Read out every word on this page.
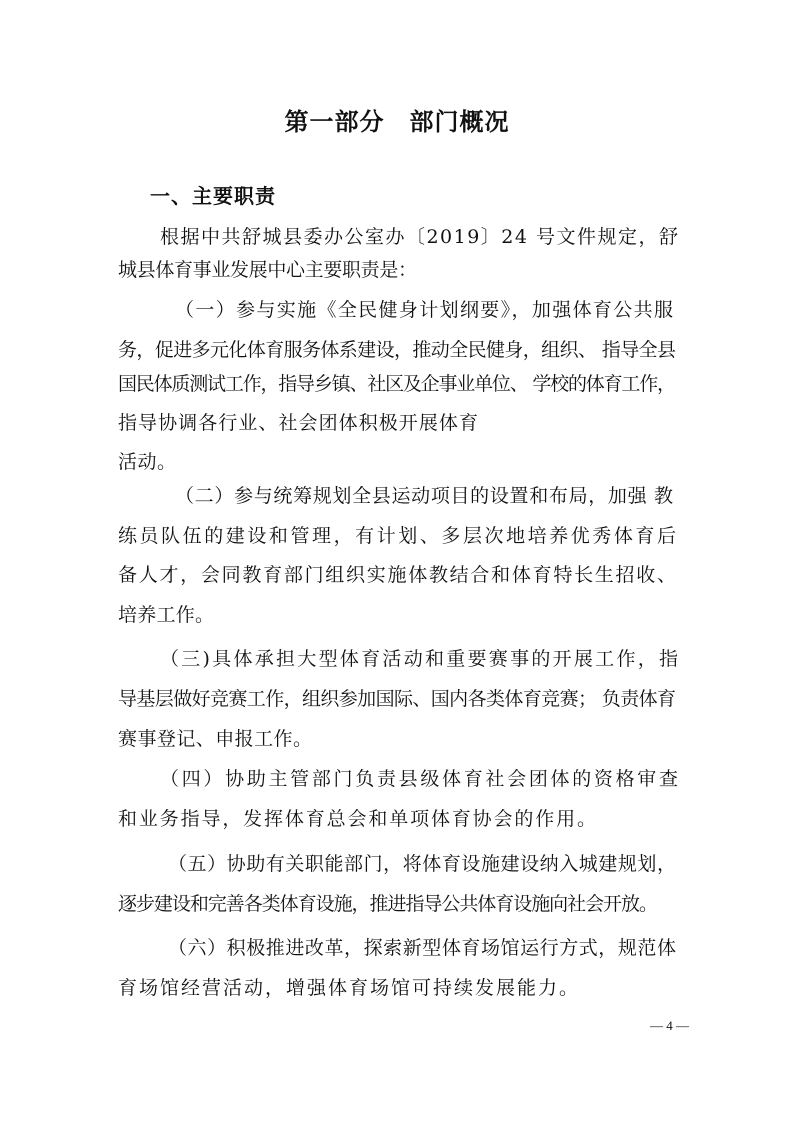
第一部分　部门概况
一、主要职责
根据中共舒城县委办公室办〔2019〕24 号文件规定，舒
城县体育事业发展中心主要职责是：
（一）参与实施《全民健身计划纲要》，加强体育公共服
务，促进多元化体育服务体系建设，推动全民健身，组织、 指导全县
国民体质测试工作，指导乡镇、社区及企事业单位、 学校的体育工作，
指导协调各行业、社会团体积极开展体育
活动。
（二）参与统筹规划全县运动项目的设置和布局，加强 教
练员队伍的建设和管理，有计划、多层次地培养优秀体育后
备人才，会同教育部门组织实施体教结合和体育特长生招收、
培养工作。
（三)具体承担大型体育活动和重要赛事的开展工作，指
导基层做好竞赛工作，组织参加国际、国内各类体育竞赛； 负责体育
赛事登记、申报工作。
（四）协助主管部门负责县级体育社会团体的资格审查
和业务指导，发挥体育总会和单项体育协会的作用。
（五）协助有关职能部门，将体育设施建设纳入城建规划，
逐步建设和完善各类体育设施，推进指导公共体育设施向社会开放。
（六）积极推进改革，探索新型体育场馆运行方式，规范体
育场馆经营活动，增强体育场馆可持续发展能力。
— 4 —
